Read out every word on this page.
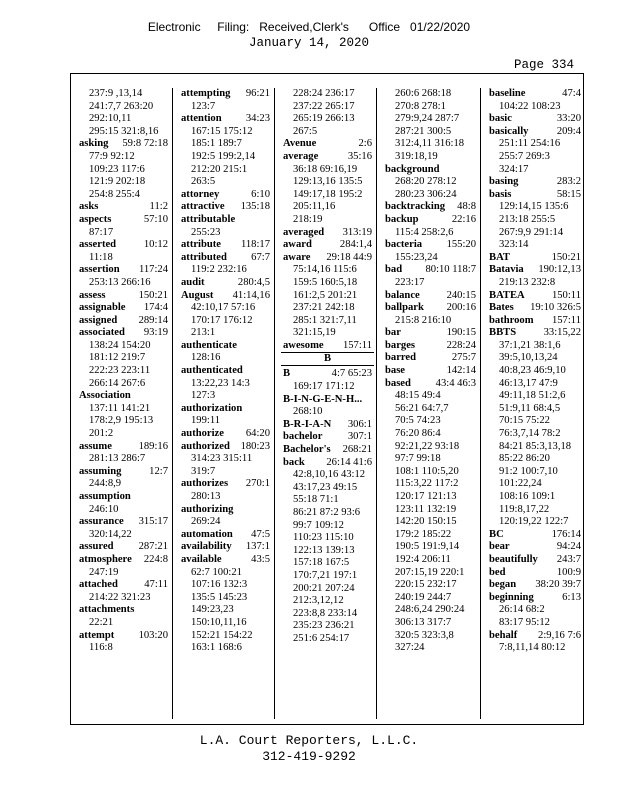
Electronic     Filing:   Received,Clerk's      Office   01/22/2020
January 14, 2020
Page 334
237:9 ,13,14
241:7,7 263:20
292:10,11
295:15 321:8,16
asking 59:8 72:18
77:9 92:12
109:23 117:6
121:9 202:18
254:8 255:4
asks	11:2
aspects	57:10
87:17
asserted	10:12
11:18
assertion 117:24
253:13 266:16
assess	150:21
assignable 174:4
assigned 289:14
associated 93:19
138:24 154:20
181:12 219:7
222:23 223:11
266:14 267:6
Association
137:11 141:21
178:2,9 195:13
201:2
assume	189:16
281:13 286:7
assuming	12:7
244:8,9
assumption
246:10
assurance 315:17
320:14,22
assured 287:21
atmosphere 224:8
247:19
attached 47:11
214:22 321:23
attachments
22:21
attempt 103:20
116:8
attempting 96:21
123:7
attention 34:23
167:15 175:12
185:1 189:7
192:5 199:2,14
212:20 215:1
263:5
attorney	6:10
attractive 135:18
attributable
255:23
attribute 118:17
attributed 67:7
119:2 232:16
audit	280:4,5
August 41:14,16
42:10,17 57:16
170:17 176:12
213:1
authenticate
128:16
authenticated
13:22,23 14:3
127:3
authorization
199:11
authorize 64:20
authorized 180:23
314:23 315:11
319:7
authorizes 270:1
280:13
authorizing
269:24
automation 47:5
availability 137:1
available	43:5
62:7 100:21
107:16 132:3
135:5 145:23
149:23,23
150:10,11,16
152:21 154:22
163:1 168:6
228:24 236:17
237:22 265:17
265:19 266:13
267:5
Avenue	2:6
average	35:16
36:18 69:16,19
129:13,16 135:5
149:17,18 195:2
205:11,16
218:19
averaged 313:19
award	284:1,4
aware 29:18 44:9
75:14,16 115:6
159:5 160:5,18
161:2,5 201:21
237:21 242:18
285:1 321:7,11
321:15,19
awesome 157:11
B
B	4:7 65:23
169:17 171:12
B-I-N-G-E-N-H...
268:10
B-R-I-A-N 306:1
bachelor 307:1
Bachelor's 268:21
back 26:14 41:6
42:8,10,16 43:12
43:17,23 49:15
55:18 71:1
86:21 87:2 93:6
99:7 109:12
110:23 115:10
122:13 139:13
157:18 167:5
170:7,21 197:1
200:21 207:24
212:3,12,12
223:8,8 233:14
235:23 236:21
251:6 254:17
260:6 268:18
270:8 278:1
279:9,24 287:7
287:21 300:5
312:4,11 316:18
319:18,19
background
268:20 278:12
280:23 306:24
backtracking 48:8
backup	22:16
115:4 258:2,6
bacteria 155:20
155:23,24
bad 80:10 118:7
223:17
balance	240:15
ballpark 200:16
215:8 216:10
bar	190:15
barges	228:24
barred	275:7
base	142:14
based 43:4 46:3
48:15 49:4
56:21 64:7,7
70:5 74:23
76:20 86:4
92:21,22 93:18
97:7 99:18
108:1 110:5,20
115:3,22 117:2
120:17 121:13
123:11 132:19
142:20 150:15
179:2 185:22
190:5 191:9,14
192:4 206:11
207:15,19 220:1
220:15 232:17
240:19 244:7
248:6,24 290:24
306:13 317:7
320:5 323:3,8
327:24
baseline	47:4
104:22 108:23
basic	33:20
basically	209:4
251:11 254:16
255:7 269:3
324:17
basing	283:2
basis	58:15
129:14,15 135:6
213:18 255:5
267:9,9 291:14
323:14
BAT	150:21
Batavia 190:12,13
219:13 232:8
BATEA	150:11
Bates 19:10 326:5
bathroom 157:11
BBTS	33:15,22
37:1,21 38:1,6
39:5,10,13,24
40:8,23 46:9,10
46:13,17 47:9
49:11,18 51:2,6
51:9,11 68:4,5
70:15 75:22
76:3,7,14 78:2
84:21 85:3,13,18
85:22 86:20
91:2 100:7,10
101:22,24
108:16 109:1
119:8,17,22
120:19,22 122:7
BC	176:14
bear	94:24
beautifully 243:7
bed	100:9
began 38:20 39:7
beginning	6:13
26:14 68:2
83:17 95:12
behalf 2:9,16 7:6
7:8,11,14 80:12
L.A. Court Reporters, L.L.C.
312-419-9292
